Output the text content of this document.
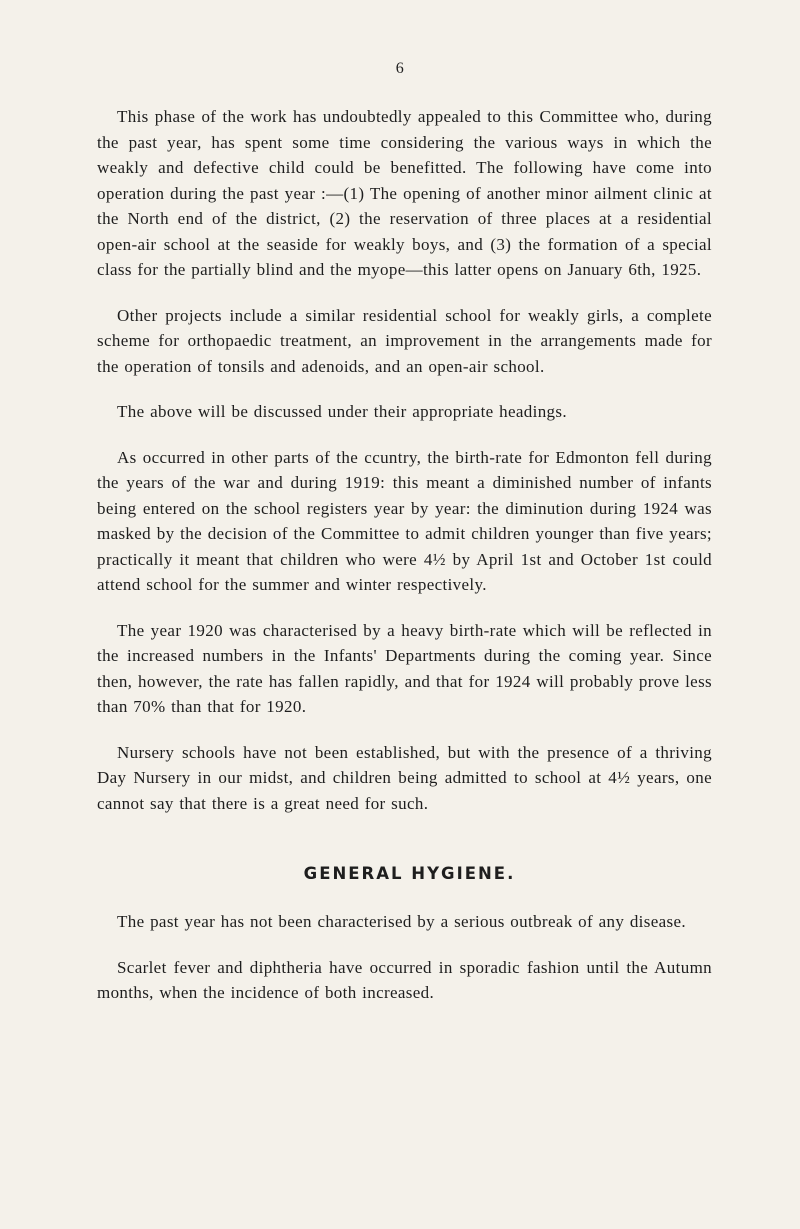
6

This phase of the work has undoubtedly appealed to this Committee who, during the past year, has spent some time considering the various ways in which the weakly and defective child could be benefitted. The following have come into operation during the past year :—(1) The opening of another minor ailment clinic at the North end of the district, (2) the reservation of three places at a residential open-air school at the seaside for weakly boys, and (3) the formation of a special class for the partially blind and the myope—this latter opens on January 6th, 1925.

Other projects include a similar residential school for weakly girls, a complete scheme for orthopaedic treatment, an improvement in the arrangements made for the operation of tonsils and adenoids, and an open-air school.

The above will be discussed under their appropriate headings.

As occurred in other parts of the ccuntry, the birth-rate for Edmonton fell during the years of the war and during 1919: this meant a diminished number of infants being entered on the school registers year by year: the diminution during 1924 was masked by the decision of the Committee to admit children younger than five years; practically it meant that children who were 4½ by April 1st and October 1st could attend school for the summer and winter respectively.

The year 1920 was characterised by a heavy birth-rate which will be reflected in the increased numbers in the Infants' Departments during the coming year. Since then, however, the rate has fallen rapidly, and that for 1924 will probably prove less than 70% than that for 1920.

Nursery schools have not been established, but with the presence of a thriving Day Nursery in our midst, and children being admitted to school at 4½ years, one cannot say that there is a great need for such.

GENERAL HYGIENE.

The past year has not been characterised by a serious outbreak of any disease.

Scarlet fever and diphtheria have occurred in sporadic fashion until the Autumn months, when the incidence of both increased.
